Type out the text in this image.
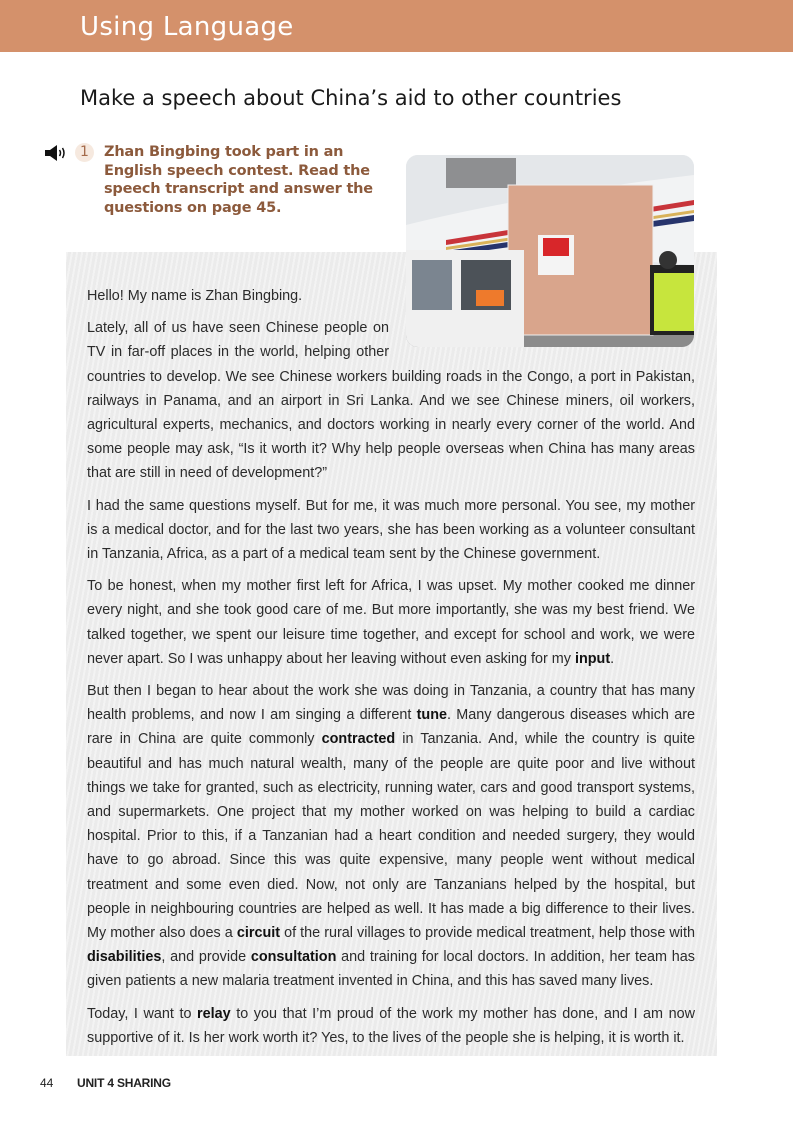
Using Language
Make a speech about China’s aid to other countries
1	Zhan Bingbing took part in an English speech contest. Read the speech transcript and answer the questions on page 45.

Hello! My name is Zhan Bingbing.

Lately, all of us have seen Chinese people on TV in far-off places in the world, helping other countries to develop. We see Chinese workers building roads in the Congo, a port in Pakistan, railways in Panama, and an airport in Sri Lanka. And we see Chinese miners, oil workers, agricultural experts, mechanics, and doctors working in nearly every corner of the world. And some people may ask, “Is it worth it? Why help people overseas when China has many areas that are still in need of development?”

I had the same questions myself. But for me, it was much more personal. You see, my mother is a medical doctor, and for the last two years, she has been working as a volunteer consultant in Tanzania, Africa, as a part of a medical team sent by the Chinese government.

To be honest, when my mother first left for Africa, I was upset. My mother cooked me dinner every night, and she took good care of me. But more importantly, she was my best friend. We talked together, we spent our leisure time together, and except for school and work, we were never apart. So I was unhappy about her leaving without even asking for my input.

But then I began to hear about the work she was doing in Tanzania, a country that has many health problems, and now I am singing a different tune. Many dangerous diseases which are rare in China are quite commonly contracted in Tanzania. And, while the country is quite beautiful and has much natural wealth, many of the people are quite poor and live without things we take for granted, such as electricity, running water, cars and good transport systems, and supermarkets. One project that my mother worked on was helping to build a cardiac hospital. Prior to this, if a Tanzanian had a heart condition and needed surgery, they would have to go abroad. Since this was quite expensive, many people went without medical treatment and some even died. Now, not only are Tanzanians helped by the hospital, but people in neighbouring countries are helped as well. It has made a big difference to their lives. My mother also does a circuit of the rural villages to provide medical treatment, help those with disabilities, and provide consultation and training for local doctors. In addition, her team has given patients a new malaria treatment invented in China, and this has saved many lives.

Today, I want to relay to you that I’m proud of the work my mother has done, and I am now supportive of it. Is her work worth it? Yes, to the lives of the people she is helping, it is worth it.

44 UNIT 4 SHARING
